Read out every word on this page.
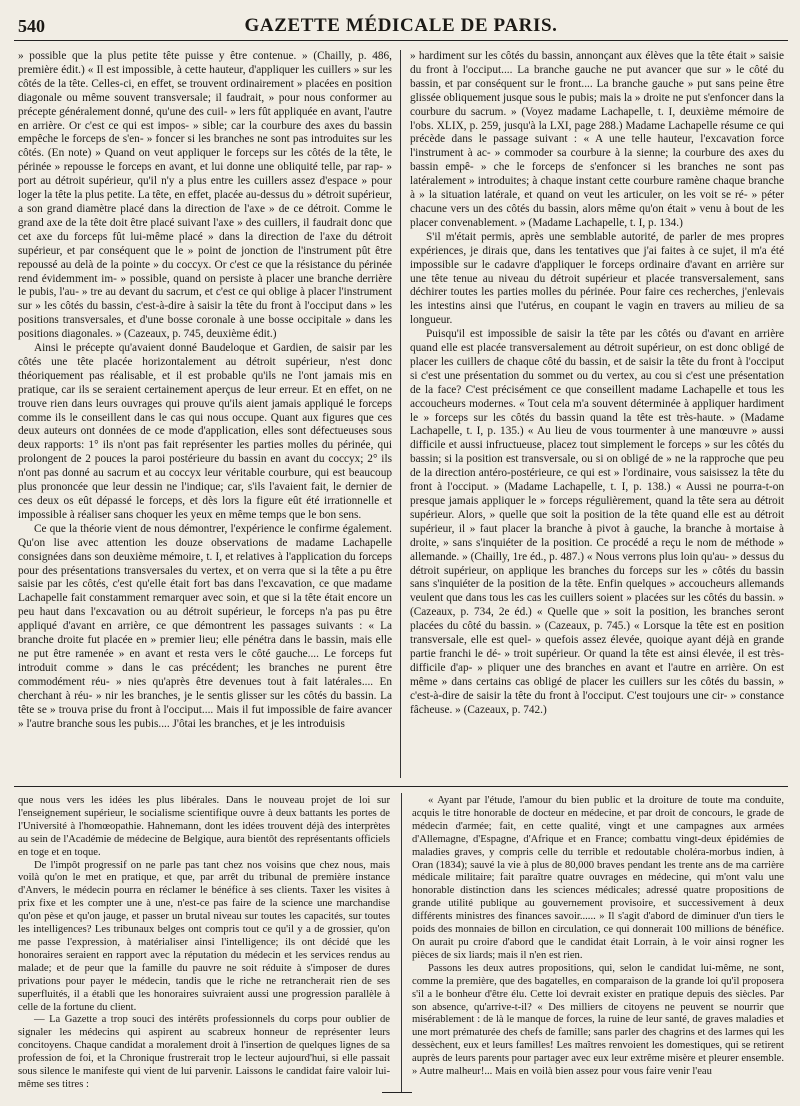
540	GAZETTE MÉDICALE DE PARIS.

» possible que la plus petite tête puisse y être contenue. » (Chailly, p. 486, première édit.) « Il est impossible, à cette hauteur, d'appliquer les cuillers » sur les côtés de la tête. Celles-ci, en effet, se trouvent ordinairement » placées en position diagonale ou même souvent transversale; il faudrait, » pour nous conformer au précepte généralement donné, qu'une des cuil- » lers fût appliquée en avant, l'autre en arrière. Or c'est ce qui est impos- » sible; car la courbure des axes du bassin empêche le forceps de s'en- » foncer si les branches ne sont pas introduites sur les côtés. (En note) » Quand on veut appliquer le forceps sur les côtés de la tête, le périnée » repousse le forceps en avant, et lui donne une obliquité telle, par rap- » port au détroit supérieur, qu'il n'y a plus entre les cuillers assez d'espace » pour loger la tête la plus petite. La tête, en effet, placée au-dessus du » détroit supérieur, a son grand diamètre placé dans la direction de l'axe » de ce détroit. Comme le grand axe de la tête doit être placé suivant l'axe » des cuillers, il faudrait donc que cet axe du forceps fût lui-même placé » dans la direction de l'axe du détroit supérieur, et par conséquent que le » point de jonction de l'instrument pût être repoussé au delà de la pointe » du coccyx. Or c'est ce que la résistance du périnée rend évidemment im- » possible, quand on persiste à placer une branche derrière le pubis, l'au- » tre au devant du sacrum, et c'est ce qui oblige à placer l'instrument sur » les côtés du bassin, c'est-à-dire à saisir la tête du front à l'occiput dans » les positions transversales, et d'une bosse coronale à une bosse occipitale » dans les positions diagonales. » (Cazeaux, p. 745, deuxième édit.)

Ainsi le précepte qu'avaient donné Baudeloque et Gardien, de saisir par les côtés une tête placée horizontalement au détroit supérieur, n'est donc théoriquement pas réalisable, et il est probable qu'ils ne l'ont jamais mis en pratique, car ils se seraient certainement aperçus de leur erreur. Et en effet, on ne trouve rien dans leurs ouvrages qui prouve qu'ils aient jamais appliqué le forceps comme ils le conseillent dans le cas qui nous occupe. Quant aux figures que ces deux auteurs ont données de ce mode d'application, elles sont défectueuses sous deux rapports: 1° ils n'ont pas fait représenter les parties molles du périnée, qui prolongent de 2 pouces la paroi postérieure du bassin en avant du coccyx; 2° ils n'ont pas donné au sacrum et au coccyx leur véritable courbure, qui est beaucoup plus prononcée que leur dessin ne l'indique; car, s'ils l'avaient fait, le dernier de ces deux os eût dépassé le forceps, et dès lors la figure eût été irrationnelle et impossible à réaliser sans choquer les yeux en même temps que le bon sens.

Ce que la théorie vient de nous démontrer, l'expérience le confirme également. Qu'on lise avec attention les douze observations de madame Lachapelle consignées dans son deuxième mémoire, t. I, et relatives à l'application du forceps pour des présentations transversales du vertex, et on verra que si la tête a pu être saisie par les côtés, c'est qu'elle était fort bas dans l'excavation, ce que madame Lachapelle fait constamment remarquer avec soin, et que si la tête était encore un peu haut dans l'excavation ou au détroit supérieur, le forceps n'a pas pu être appliqué d'avant en arrière, ce que démontrent les passages suivants : « La branche droite fut placée en » premier lieu; elle pénétra dans le bassin, mais elle ne put être ramenée » en avant et resta vers le côté gauche.... Le forceps fut introduit comme » dans le cas précédent; les branches ne purent être commodément réu- » nies qu'après être devenues tout à fait latérales.... En cherchant à réu- » nir les branches, je le sentis glisser sur les côtés du bassin. La tête se » trouva prise du front à l'occiput.... Mais il fut impossible de faire avancer » l'autre branche sous les pubis.... J'ôtai les branches, et je les introduisis

» hardiment sur les côtés du bassin, annonçant aux élèves que la tête était » saisie du front à l'occiput.... La branche gauche ne put avancer que sur » le côté du bassin, et par conséquent sur le front.... La branche gauche » put sans peine être glissée obliquement jusque sous le pubis; mais la » droite ne put s'enfoncer dans la courbure du sacrum. » (Voyez madame Lachapelle, t. I, deuxième mémoire de l'obs. XLIX, p. 259, jusqu'à la LXI, page 288.) Madame Lachapelle résume ce qui précède dans le passage suivant : « A une telle hauteur, l'excavation force l'instrument à ac- » commoder sa courbure à la sienne; la courbure des axes du bassin empê- » che le forceps de s'enfoncer si les branches ne sont pas latéralement » introduites; à chaque instant cette courbure ramène chaque branche à » la situation latérale, et quand on veut les articuler, on les voit se ré- » péter chacune vers un des côtés du bassin, alors même qu'on était » venu à bout de les placer convenablement. » (Madame Lachapelle, t. I, p. 134.)

S'il m'était permis, après une semblable autorité, de parler de mes propres expériences, je dirais que, dans les tentatives que j'ai faites à ce sujet, il m'a été impossible sur le cadavre d'appliquer le forceps ordinaire d'avant en arrière sur une tête tenue au niveau du détroit supérieur et placée transversalement, sans déchirer toutes les parties molles du périnée. Pour faire ces recherches, j'enlevais les intestins ainsi que l'utérus, en coupant le vagin en travers au milieu de sa longueur.

Puisqu'il est impossible de saisir la tête par les côtés ou d'avant en arrière quand elle est placée transversalement au détroit supérieur, on est donc obligé de placer les cuillers de chaque côté du bassin, et de saisir la tête du front à l'occiput si c'est une présentation du sommet ou du vertex, au cou si c'est une présentation de la face? C'est précisément ce que conseillent madame Lachapelle et tous les accoucheurs modernes. « Tout cela m'a souvent déterminée à appliquer hardiment le » forceps sur les côtés du bassin quand la tête est très-haute. » (Madame Lachapelle, t. I, p. 135.) « Au lieu de vous tourmenter à une manœuvre » aussi difficile et aussi infructueuse, placez tout simplement le forceps » sur les côtés du bassin; si la position est transversale, ou si on obligé de » ne la rapproche que peu de la direction antéro-postérieure, ce qui est » l'ordinaire, vous saisissez la tête du front à l'occiput. » (Madame Lachapelle, t. I, p. 138.) « Aussi ne pourra-t-on presque jamais appliquer le » forceps régulièrement, quand la tête sera au détroit supérieur. Alors, » quelle que soit la position de la tête quand elle est au détroit supérieur, il » faut placer la branche à pivot à gauche, la branche à mortaise à droite, » sans s'inquiéter de la position. Ce procédé a reçu le nom de méthode » allemande. » (Chailly, 1re éd., p. 487.) « Nous verrons plus loin qu'au- » dessus du détroit supérieur, on applique les branches du forceps sur les » côtés du bassin sans s'inquiéter de la position de la tête. Enfin quelques » accoucheurs allemands veulent que dans tous les cas les cuillers soient » placées sur les côtés du bassin. » (Cazeaux, p. 734, 2e éd.) « Quelle que » soit la position, les branches seront placées du côté du bassin. » (Cazeaux, p. 745.) « Lorsque la tête est en position transversale, elle est quel- » quefois assez élevée, quoique ayant déjà en grande partie franchi le dé- » troit supérieur. Or quand la tête est ainsi élevée, il est très-difficile d'ap- » pliquer une des branches en avant et l'autre en arrière. On est même » dans certains cas obligé de placer les cuillers sur les côtés du bassin, » c'est-à-dire de saisir la tête du front à l'occiput. C'est toujours une cir- » constance fâcheuse. » (Cazeaux, p. 742.)

que nous vers les idées les plus libérales. Dans le nouveau projet de loi sur l'enseignement supérieur, le socialisme scientifique ouvre à deux battants les portes de l'Université à l'homœopathie. Hahnemann, dont les idées trouvent déjà des interprètes au sein de l'Académie de médecine de Belgique, aura bientôt des représentants officiels en toge et en toque.

De l'impôt progressif on ne parle pas tant chez nos voisins que chez nous, mais voilà qu'on le met en pratique, et que, par arrêt du tribunal de première instance d'Anvers, le médecin pourra en réclamer le bénéfice à ses clients. Taxer les visites à prix fixe et les compter une à une, n'est-ce pas faire de la science une marchandise qu'on pèse et qu'on jauge, et passer un brutal niveau sur toutes les capacités, sur toutes les intelligences? Les tribunaux belges ont compris tout ce qu'il y a de grossier, qu'on me passe l'expression, à matérialiser ainsi l'intelligence; ils ont décidé que les honoraires seraient en rapport avec la réputation du médecin et les services rendus au malade; et de peur que la famille du pauvre ne soit réduite à s'imposer de dures privations pour payer le médecin, tandis que le riche ne retrancherait rien de ses superfluités, il a établi que les honoraires suivraient aussi une progression parallèle à celle de la fortune du client.

— La Gazette a trop souci des intérêts professionnels du corps pour oublier de signaler les médecins qui aspirent au scabreux honneur de représenter leurs concitoyens. Chaque candidat a moralement droit à l'insertion de quelques lignes de sa profession de foi, et la Chronique frustrerait trop le lecteur aujourd'hui, si elle passait sous silence le manifeste qui vient de lui parvenir. Laissons le candidat faire valoir lui-même ses titres :

« Ayant par l'étude, l'amour du bien public et la droiture de toute ma conduite, acquis le titre honorable de docteur en médecine, et par droit de concours, le grade de médecin d'armée; fait, en cette qualité, vingt et une campagnes aux armées d'Allemagne, d'Espagne, d'Afrique et en France; combattu vingt-deux épidémies de maladies graves, y compris celle du terrible et redoutable choléra-morbus indien, à Oran (1834); sauvé la vie à plus de 80,000 braves pendant les trente ans de ma carrière médicale militaire; fait paraître quatre ouvrages en médecine, qui m'ont valu une honorable distinction dans les sciences médicales; adressé quatre propositions de grande utilité publique au gouvernement provisoire, et successivement à deux différents ministres des finances savoir...... » Il s'agit d'abord de diminuer d'un tiers le poids des monnaies de billon en circulation, ce qui donnerait 100 millions de bénéfice. On aurait pu croire d'abord que le candidat était Lorrain, à le voir ainsi rogner les pièces de six liards; mais il n'en est rien.

Passons les deux autres propositions, qui, selon le candidat lui-même, ne sont, comme la première, que des bagatelles, en comparaison de la grande loi qu'il proposera s'il a le bonheur d'être élu. Cette loi devrait exister en pratique depuis des siècles. Par son absence, qu'arrive-t-il? « Des milliers de citoyens ne peuvent se nourrir que misérablement : de là le manque de forces, la ruine de leur santé, de graves maladies et une mort prématurée des chefs de famille; sans parler des chagrins et des larmes qui les dessèchent, eux et leurs familles! Les maîtres renvoient les domestiques, qui se retirent auprès de leurs parents pour partager avec eux leur extrême misère et pleurer ensemble. » Autre malheur!... Mais en voilà bien assez pour vous faire venir l'eau
